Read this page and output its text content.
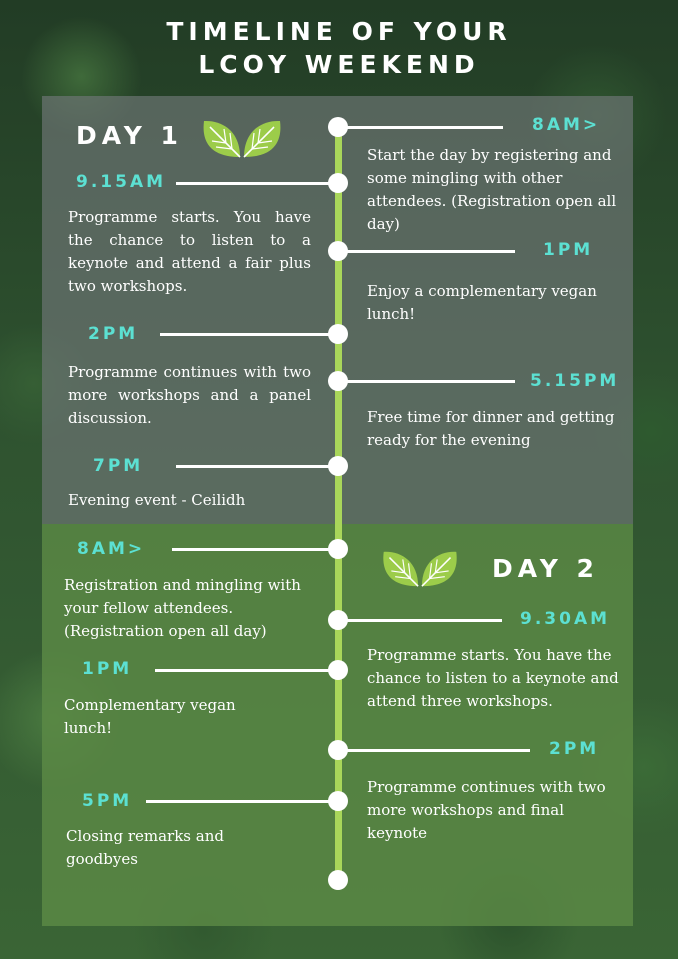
TIMELINE OF YOUR
LCOY WEEKEND
DAY 1	8AM>
Start the day by registering and some mingling with other attendees. (Registration open all day)
9.15AM
Programme starts. You have the chance to listen to a keynote and attend a fair plus two workshops.
1PM
Enjoy a complementary vegan lunch!
2PM
Programme continues with two more workshops and a panel discussion.
5.15PM
Free time for dinner and getting ready for the evening
7PM
Evening event - Ceilidh
DAY 2
8AM>
Registration and mingling with your fellow attendees. (Registration open all day)
9.30AM
Programme starts. You have the chance to listen to a keynote and attend three workshops.
1PM
Complementary vegan lunch!
2PM
Programme continues with two more workshops and final keynote
5PM
Closing remarks and goodbyes
